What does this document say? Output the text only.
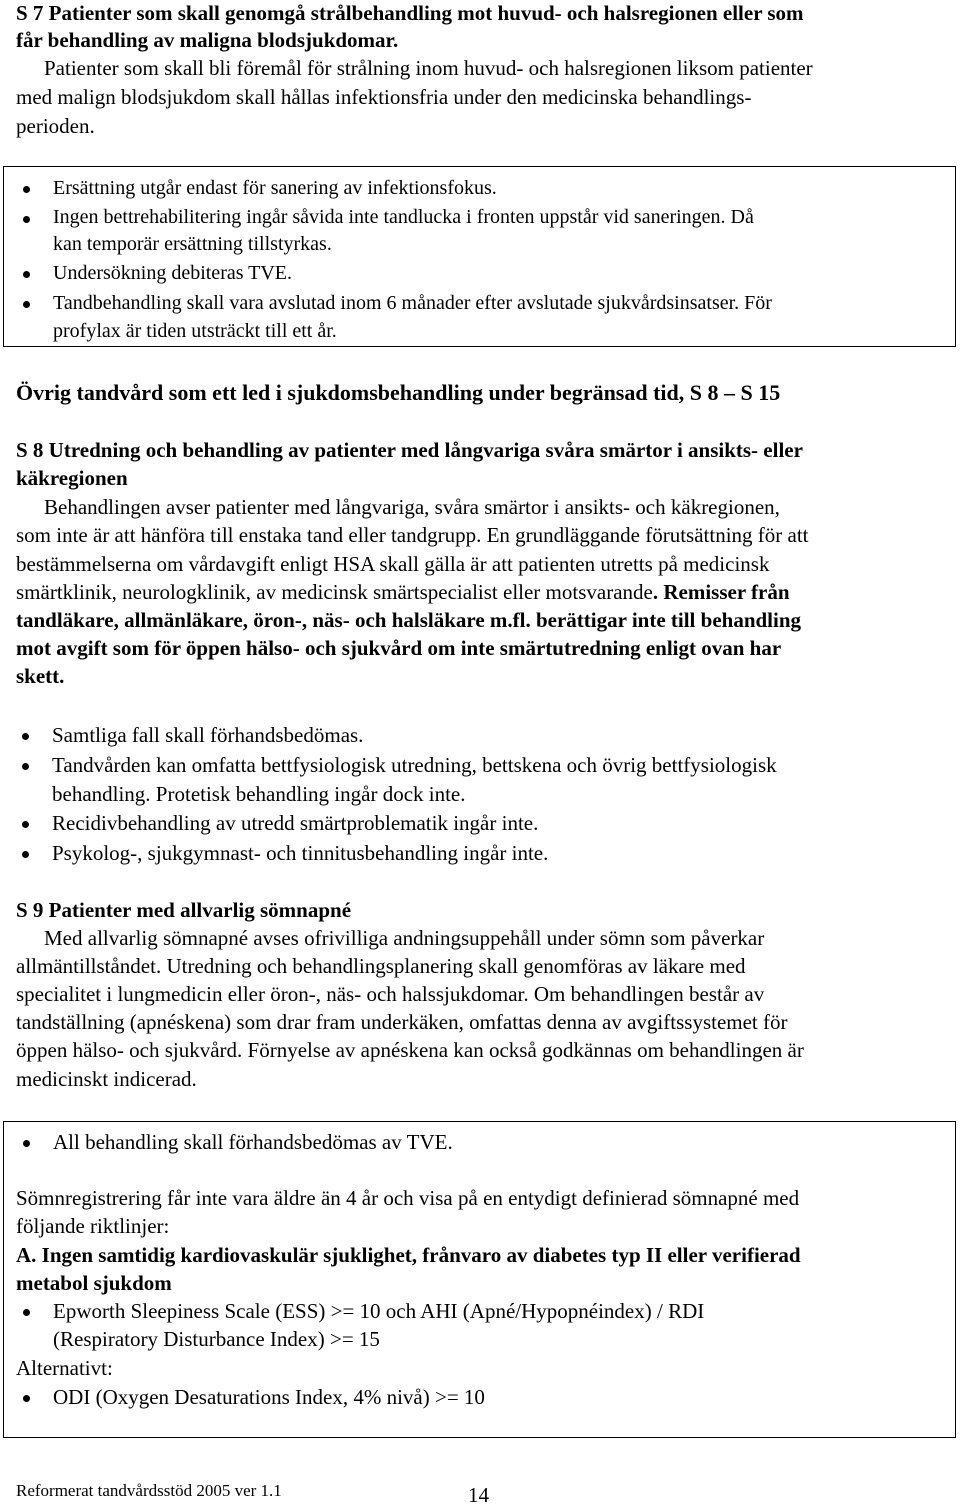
S 7 Patienter som skall genomgå strålbehandling mot huvud- och halsregionen eller som

får behandling av maligna blodsjukdomar.

Patienter som skall bli föremål för strålning inom huvud- och halsregionen liksom patienter

med malign blodsjukdom skall hållas infektionsfria under den medicinska behandlings-

perioden.

Ersättning utgår endast för sanering av infektionsfokus.

Ingen bettrehabilitering ingår såvida inte tandlucka i fronten uppstår vid saneringen. Då

kan temporär ersättning tillstyrkas.

Undersökning debiteras TVE.

Tandbehandling skall vara avslutad inom 6 månader efter avslutade sjukvårdsinsatser. För

profylax är tiden utsträckt till ett år.

Övrig tandvård som ett led i sjukdomsbehandling under begränsad tid, S 8 – S 15

S 8 Utredning och behandling av patienter med långvariga svåra smärtor i ansikts- eller

käkregionen

Behandlingen avser patienter med långvariga, svåra smärtor i ansikts- och käkregionen,

som inte är att hänföra till enstaka tand eller tandgrupp. En grundläggande förutsättning för att

bestämmelserna om vårdavgift enligt HSA skall gälla är att patienten utretts på medicinsk

smärtklinik, neurologklinik, av medicinsk smärtspecialist eller motsvarande. Remisser från

tandläkare, allmänläkare, öron-, näs- och halsläkare m.fl. berättigar inte till behandling

mot avgift som för öppen hälso- och sjukvård om inte smärtutredning enligt ovan har

skett.

Samtliga fall skall förhandsbedömas.

Tandvården kan omfatta bettfysiologisk utredning, bettskena och övrig bettfysiologisk

behandling. Protetisk behandling ingår dock inte.

Recidivbehandling av utredd smärtproblematik ingår inte.

Psykolog-, sjukgymnast- och tinnitusbehandling ingår inte.

S 9 Patienter med allvarlig sömnapné

Med allvarlig sömnapné avses ofrivilliga andningsuppehåll under sömn som påverkar

allmäntillståndet. Utredning och behandlingsplanering skall genomföras av läkare med

specialitet i lungmedicin eller öron-, näs- och halssjukdomar. Om behandlingen består av

tandställning (apnéskena) som drar fram underkäken, omfattas denna av avgiftssystemet för

öppen hälso- och sjukvård. Förnyelse av apnéskena kan också godkännas om behandlingen är

medicinskt indicerad.

All behandling skall förhandsbedömas av TVE.

Sömnregistrering får inte vara äldre än 4 år och visa på en entydigt definierad sömnapné med

följande riktlinjer:

A. Ingen samtidig kardiovaskulär sjuklighet, frånvaro av diabetes typ II eller verifierad

metabol sjukdom

Epworth Sleepiness Scale (ESS) >= 10 och AHI (Apné/Hypopnéindex) / RDI

(Respiratory Disturbance Index) >= 15

Alternativt:

ODI (Oxygen Desaturations Index, 4% nivå) >= 10

Reformerat tandvårdsstöd 2005 ver 1.1	14
